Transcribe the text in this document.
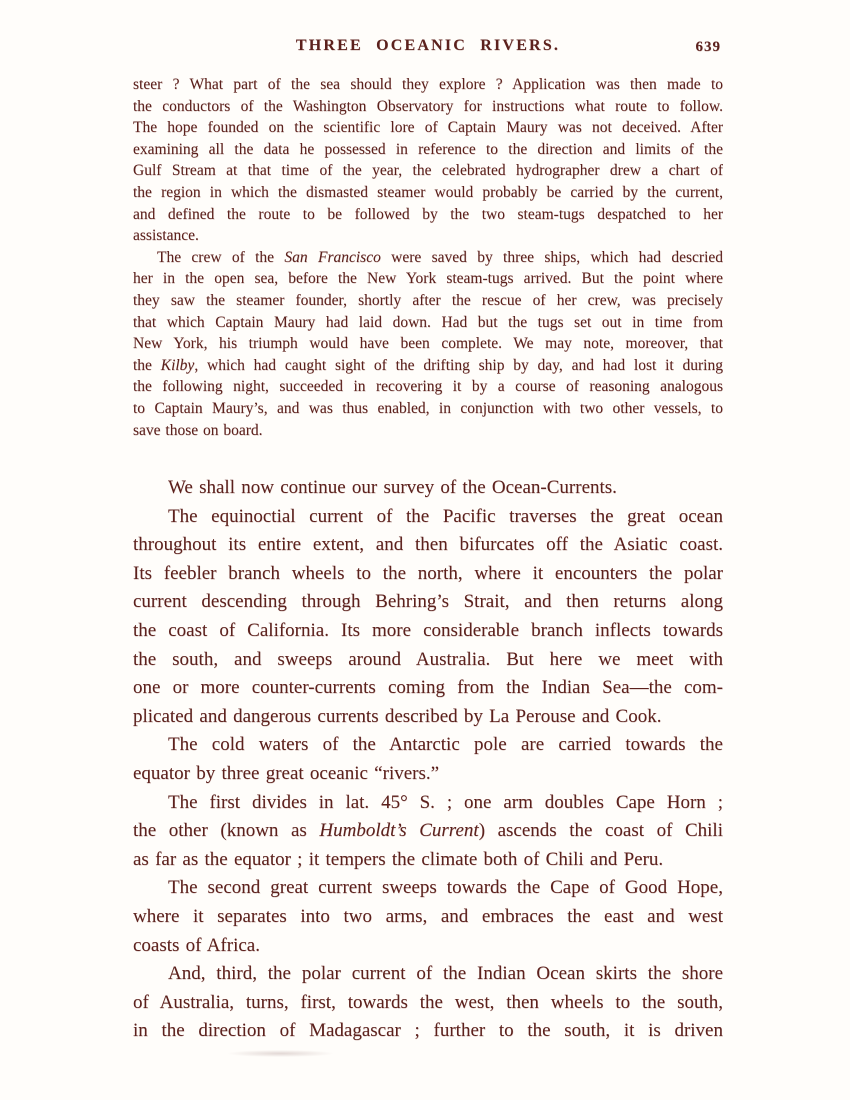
THREE OCEANIC RIVERS.	639
steer ? What part of the sea should they explore ? Application was then made to
the conductors of the Washington Observatory for instructions what route to follow.
The hope founded on the scientific lore of Captain Maury was not deceived. After
examining all the data he possessed in reference to the direction and limits of the
Gulf Stream at that time of the year, the celebrated hydrographer drew a chart of
the region in which the dismasted steamer would probably be carried by the current,
and defined the route to be followed by the two steam-tugs despatched to her
assistance.
The crew of the San Francisco were saved by three ships, which had descried
her in the open sea, before the New York steam-tugs arrived. But the point where
they saw the steamer founder, shortly after the rescue of her crew, was precisely
that which Captain Maury had laid down. Had but the tugs set out in time from
New York, his triumph would have been complete. We may note, moreover, that
the Kilby, which had caught sight of the drifting ship by day, and had lost it during
the following night, succeeded in recovering it by a course of reasoning analogous
to Captain Maury’s, and was thus enabled, in conjunction with two other vessels, to
save those on board.
We shall now continue our survey of the Ocean-Currents.
The equinoctial current of the Pacific traverses the great ocean
throughout its entire extent, and then bifurcates off the Asiatic coast.
Its feebler branch wheels to the north, where it encounters the polar
current descending through Behring’s Strait, and then returns along
the coast of California. Its more considerable branch inflects towards
the south, and sweeps around Australia. But here we meet with
one or more counter-currents coming from the Indian Sea—the com-
plicated and dangerous currents described by La Perouse and Cook.
The cold waters of the Antarctic pole are carried towards the
equator by three great oceanic “rivers.”
The first divides in lat. 45° S. ; one arm doubles Cape Horn ;
the other (known as Humboldt’s Current) ascends the coast of Chili
as far as the equator ; it tempers the climate both of Chili and Peru.
The second great current sweeps towards the Cape of Good Hope,
where it separates into two arms, and embraces the east and west
coasts of Africa.
And, third, the polar current of the Indian Ocean skirts the shore
of Australia, turns, first, towards the west, then wheels to the south,
in the direction of Madagascar ; further to the south, it is driven
